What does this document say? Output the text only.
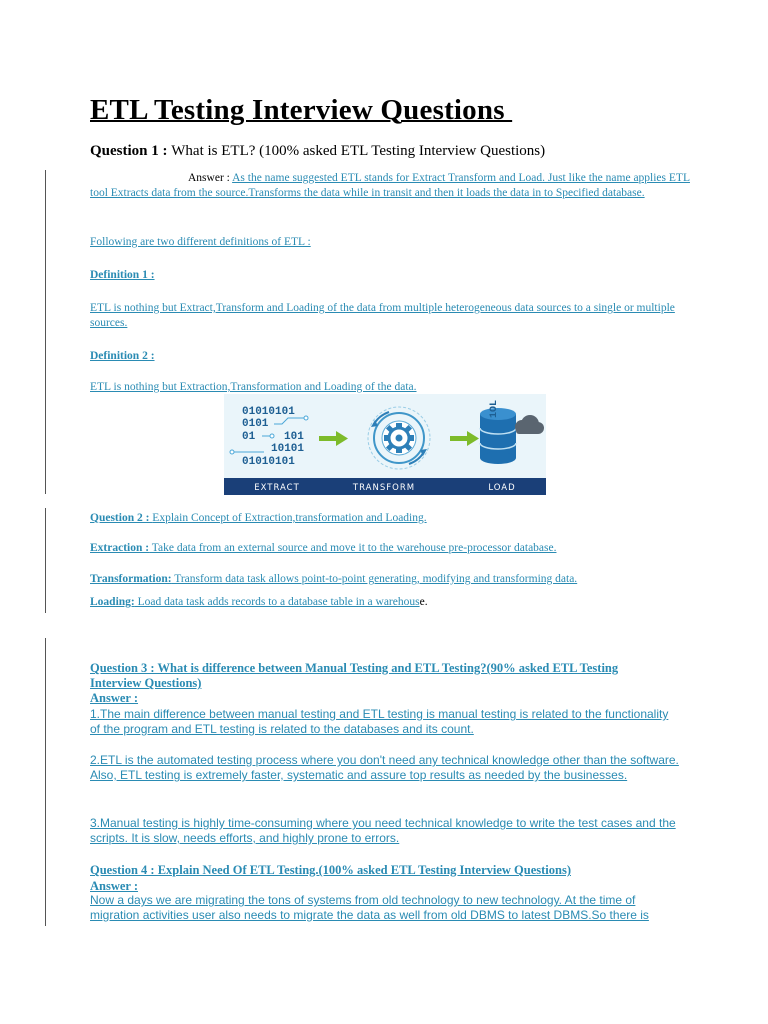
ETL Testing Interview Questions
Question 1 : What is ETL? (100% asked ETL Testing Interview Questions)
Answer : As the name suggested ETL stands for Extract Transform and Load. Just like the name applies ETL tool Extracts data from the source.Transforms the data while in transit and then it loads the data in to Specified database.
Following are two different definitions of ETL :
Definition 1 :
ETL is nothing but Extract,Transform and Loading of the data from multiple heterogeneous data sources to a single or multiple sources.
Definition 2 :
ETL is nothing but Extraction,Transformation and Loading of the data.
01010101
0101
01	101
10101
01010101
1OL
EXTRACT	TRANSFORM	LOAD
Question 2 : Explain Concept of Extraction,transformation and Loading.
Extraction : Take data from an external source and move it to the warehouse pre-processor database.
Transformation: Transform data task allows point-to-point generating, modifying and transforming data.
Loading: Load data task adds records to a database table in a warehouse.
Question 3 : What is difference between Manual Testing and ETL Testing?(90% asked ETL Testing Interview Questions)
Answer :
1.The main difference between manual testing and ETL testing is manual testing is related to the functionality of the program and ETL testing is related to the databases and its count.
2.ETL is the automated testing process where you don't need any technical knowledge other than the software. Also, ETL testing is extremely faster, systematic and assure top results as needed by the businesses.
3.Manual testing is highly time-consuming where you need technical knowledge to write the test cases and the scripts. It is slow, needs efforts, and highly prone to errors.
Question 4 : Explain Need Of ETL Testing.(100% asked ETL Testing Interview Questions)
Answer :
Now a days we are migrating the tons of systems from old technology to new technology. At the time of migration activities user also needs to migrate the data as well from old DBMS to latest DBMS.So there is
